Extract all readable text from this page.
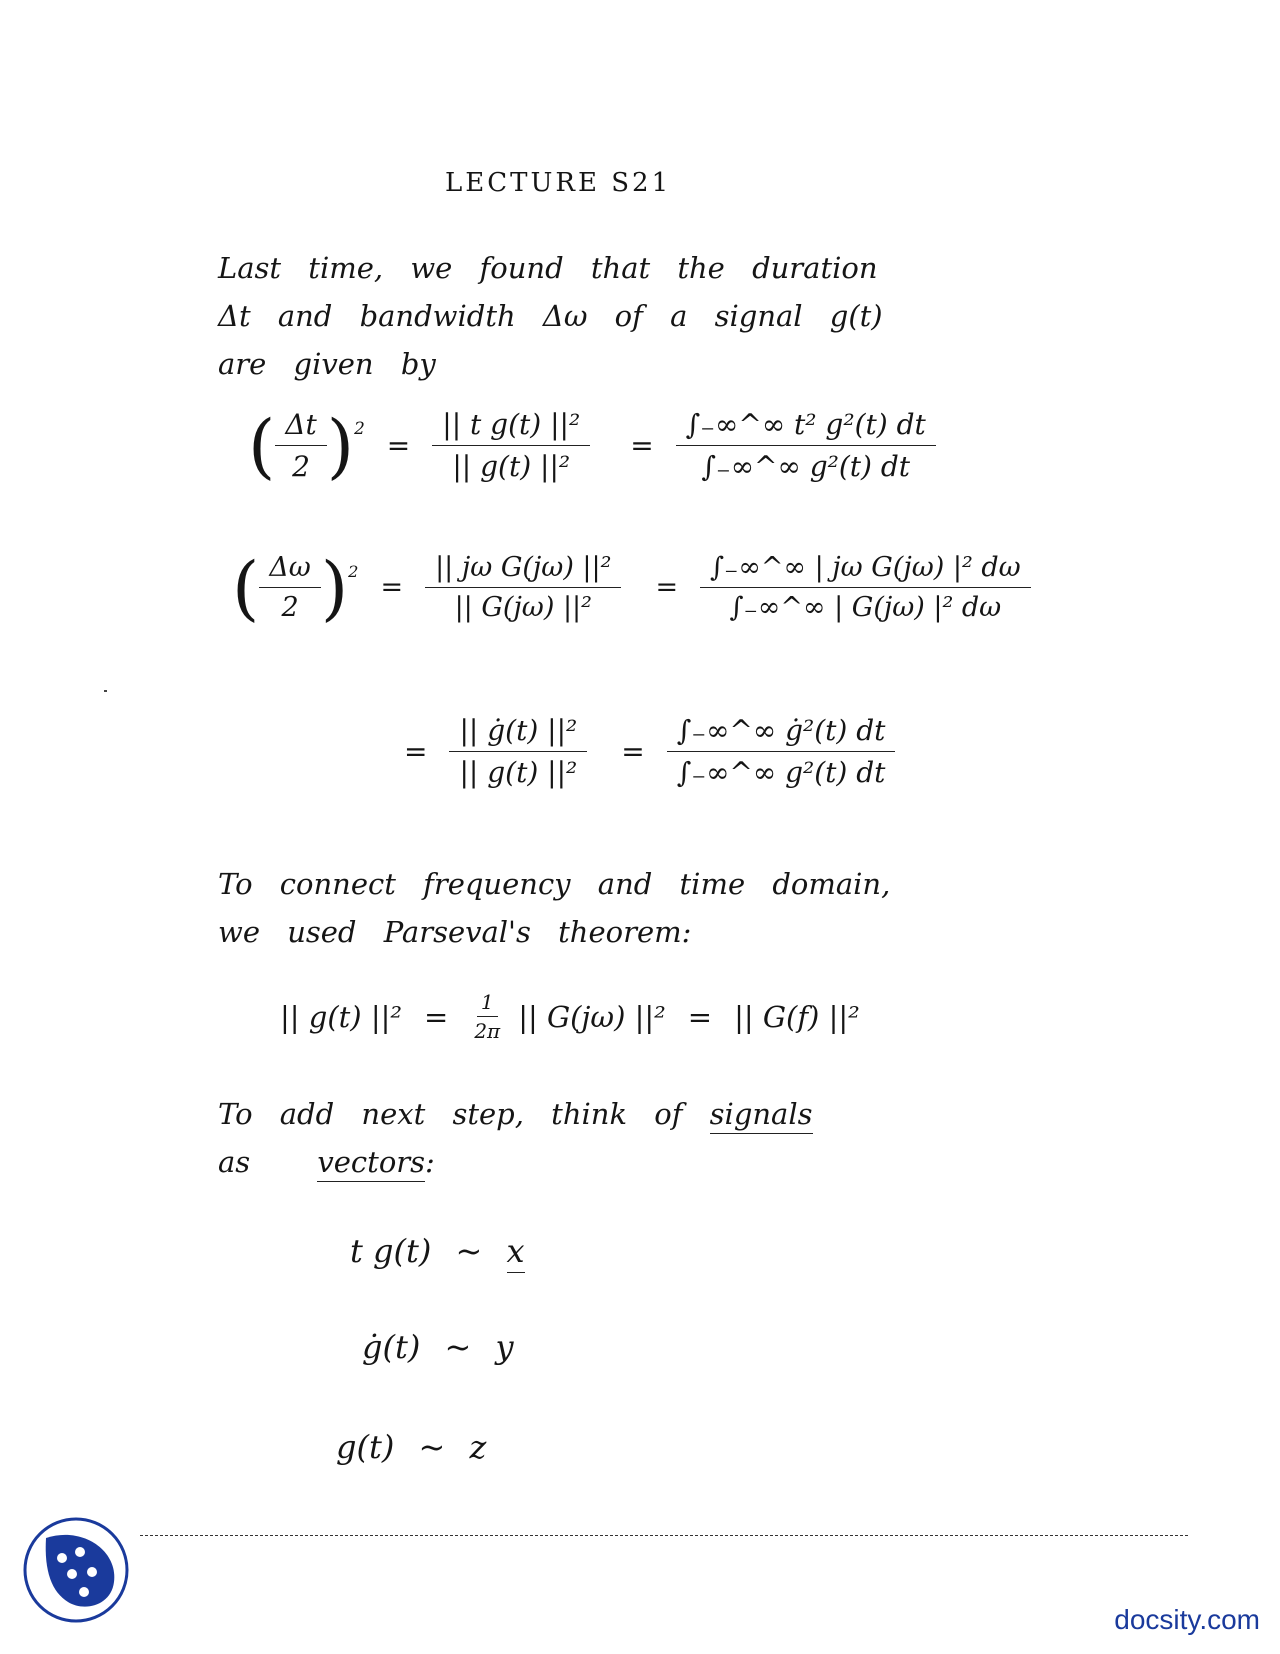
LECTURE S21
Last time, we found that the duration
Δt and bandwidth Δω of a signal g(t)
are given by
( $\frac{\Delta t}{2}$ ) 2
= $\frac{\text{|| t g(t) ||²}}{\text{|| g(t) ||²}} = \frac{\text{∫₋∞\textasciicircum{}∞ t² g²(t) dt}}{\text{∫₋∞\textasciicircum{}∞ g²(t) dt}}$
( $\frac{\Delta\omega}{2}$ ) 2
= $\frac{\text{|| jω G(jω) ||²}}{\text{|| G(jω) ||²}} = \frac{\text{∫₋∞\textasciicircum{}∞ | jω G(jω) |² dω}}{\text{∫₋∞\textasciicircum{}∞ | G(jω) |² dω}}$
= $\frac{\text{|| ġ(t) ||²}}{\text{|| g(t) ||²}} = \frac{\text{∫₋∞\textasciicircum{}∞ ġ²(t) dt}}{\text{∫₋∞\textasciicircum{}∞ g²(t) dt}}$
To connect frequency and time domain,
we used Parseval's theorem:
|| g(t) $||^2 = \frac{1}{2\pi}$ || G(jω) ||² = || G(f) ||²
To add next step, think of signals
as vectors:
t g(t) ~ x
ġ(t) ~ y
g(t) ~ z
docsity.com
